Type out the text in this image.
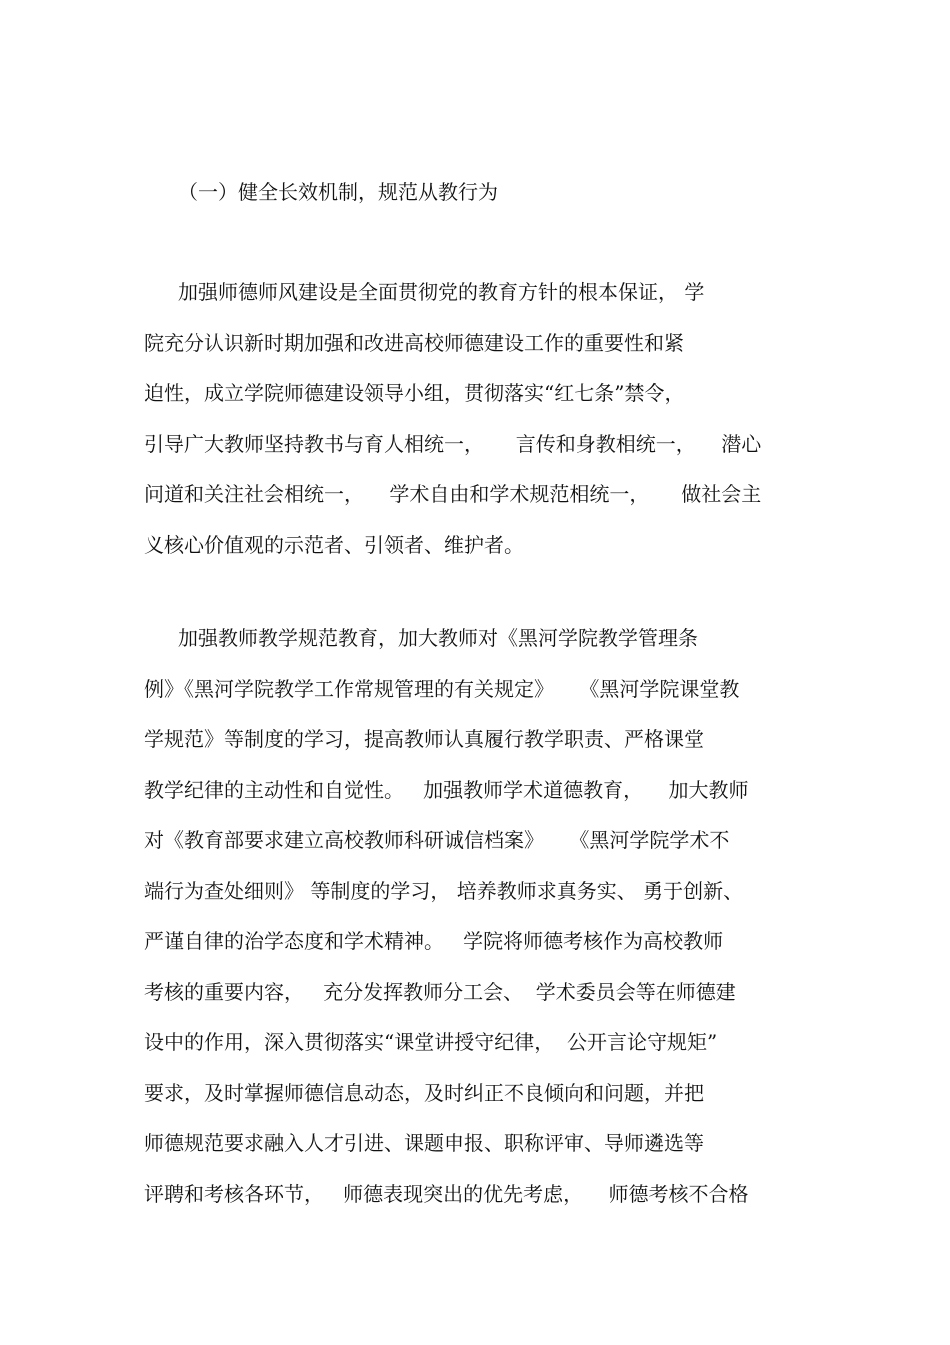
（一）健全长效机制，规范从教行为
加强师德师风建设是全面贯彻党的教育方针的根本保证， 学
院充分认识新时期加强和改进高校师德建设工作的重要性和紧
迫性，成立学院师德建设领导小组，贯彻落实“红七条”禁令，
引导广大教师坚持教书与育人相统一，     言传和身教相统一，    潜心
问道和关注社会相统一，    学术自由和学术规范相统一，     做社会主
义核心价值观的示范者、引领者、维护者。
加强教师教学规范教育，加大教师对《黑河学院教学管理条
例》《黑河学院教学工作常规管理的有关规定》    《黑河学院课堂教
学规范》等制度的学习，提高教师认真履行教学职责、严格课堂
教学纪律的主动性和自觉性。   加强教师学术道德教育，    加大教师
对《教育部要求建立高校教师科研诚信档案》    《黑河学院学术不
端行为查处细则》 等制度的学习， 培养教师求真务实、 勇于创新、
严谨自律的治学态度和学术精神。   学院将师德考核作为高校教师
考核的重要内容，   充分发挥教师分工会、  学术委员会等在师德建
设中的作用，深入贯彻落实“课堂讲授守纪律，  公开言论守规矩”
要求，及时掌握师德信息动态，及时纠正不良倾向和问题，并把
师德规范要求融入人才引进、课题申报、职称评审、导师遴选等
评聘和考核各环节，   师德表现突出的优先考虑，    师德考核不合格
